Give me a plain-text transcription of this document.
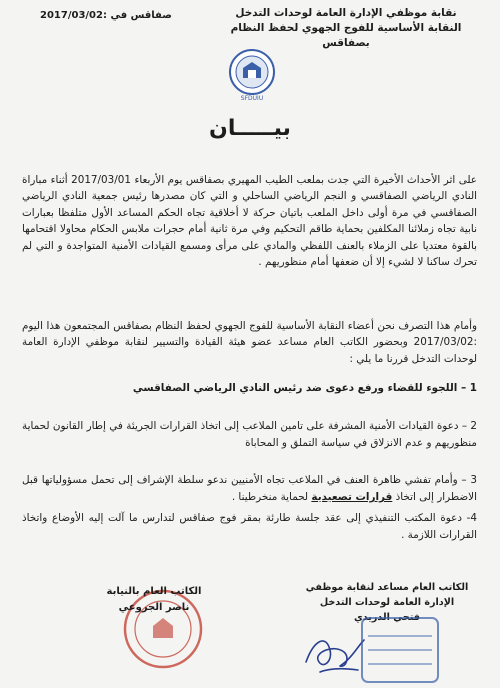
نقابة موظفي الإدارة العامة لوحدات التدخل
النقابة الأساسية للفوج الجهوي لحفظ النظام بصفاقس
صفاقس في :2017/03/02
SFDUIU
بيـــــان
على اثر الأحداث الأخيرة التي جدت بملعب الطيب المهيري بصفاقس يوم الأربعاء 2017/03/01 أثناء مباراة النادي الرياضي الصفاقسي و النجم الرياضي الساحلي و التي كان مصدرها رئيس جمعية النادي الرياضي الصفاقسي في مرة أولى داخل الملعب باتيان حركة لا أخلاقية تجاه الحكم المساعد الأول متلفظا بعبارات نابية تجاه زملائنا المكلفين بحماية طاقم التحكيم وفي مرة ثانية أمام حجرات ملابس الحكام محاولا اقتحامها بالقوة معتديا على الزملاء بالعنف اللفظي والمادي على مرأى ومسمع القيادات الأمنية المتواجدة و التي لم تحرك ساكنا لا لشيء إلا أن ضعفها أمام منظوريهم .
وأمام هذا التصرف نحن أعضاء النقابة الأساسية للفوج الجهوي لحفظ النظام بصفاقس المجتمعون هذا اليوم :2017/03/02 وبحضور الكاتب العام مساعد عضو هيئة القيادة والتسيير لنقابة موظفي الإدارة العامة لوحدات التدخل قررنا ما يلي :
1 – اللجوء للقضاء ورفع دعوى ضد رئيس النادي الرياضي الصفاقسي
2 – دعوة القيادات الأمنية المشرفة على تامين الملاعب إلى اتخاذ القرارات الجريئة في إطار القانون لحماية منظوريهم و عدم الانزلاق في سياسة التملق و المحاباة
3 – وأمام تفشي ظاهرة العنف في الملاعب تجاه الأمنيين ندعو سلطة الإشراف إلى تحمل مسؤولياتها قبل الاضطرار إلى اتخاذ قرارات تصعيدية لحماية منخرطينا .
4- دعوة المكتب التنفيذي إلى عقد جلسة طارئة بمقر فوج صفاقس لتدارس ما آلت إليه الأوضاع واتخاذ القرارات اللازمة .
الكاتب العام بالنيابة
ناصر الجروعي
الكاتب العام مساعد لنقابة موظفي
الإدارة العامة لوحدات التدخل
فتحي الدريدي
